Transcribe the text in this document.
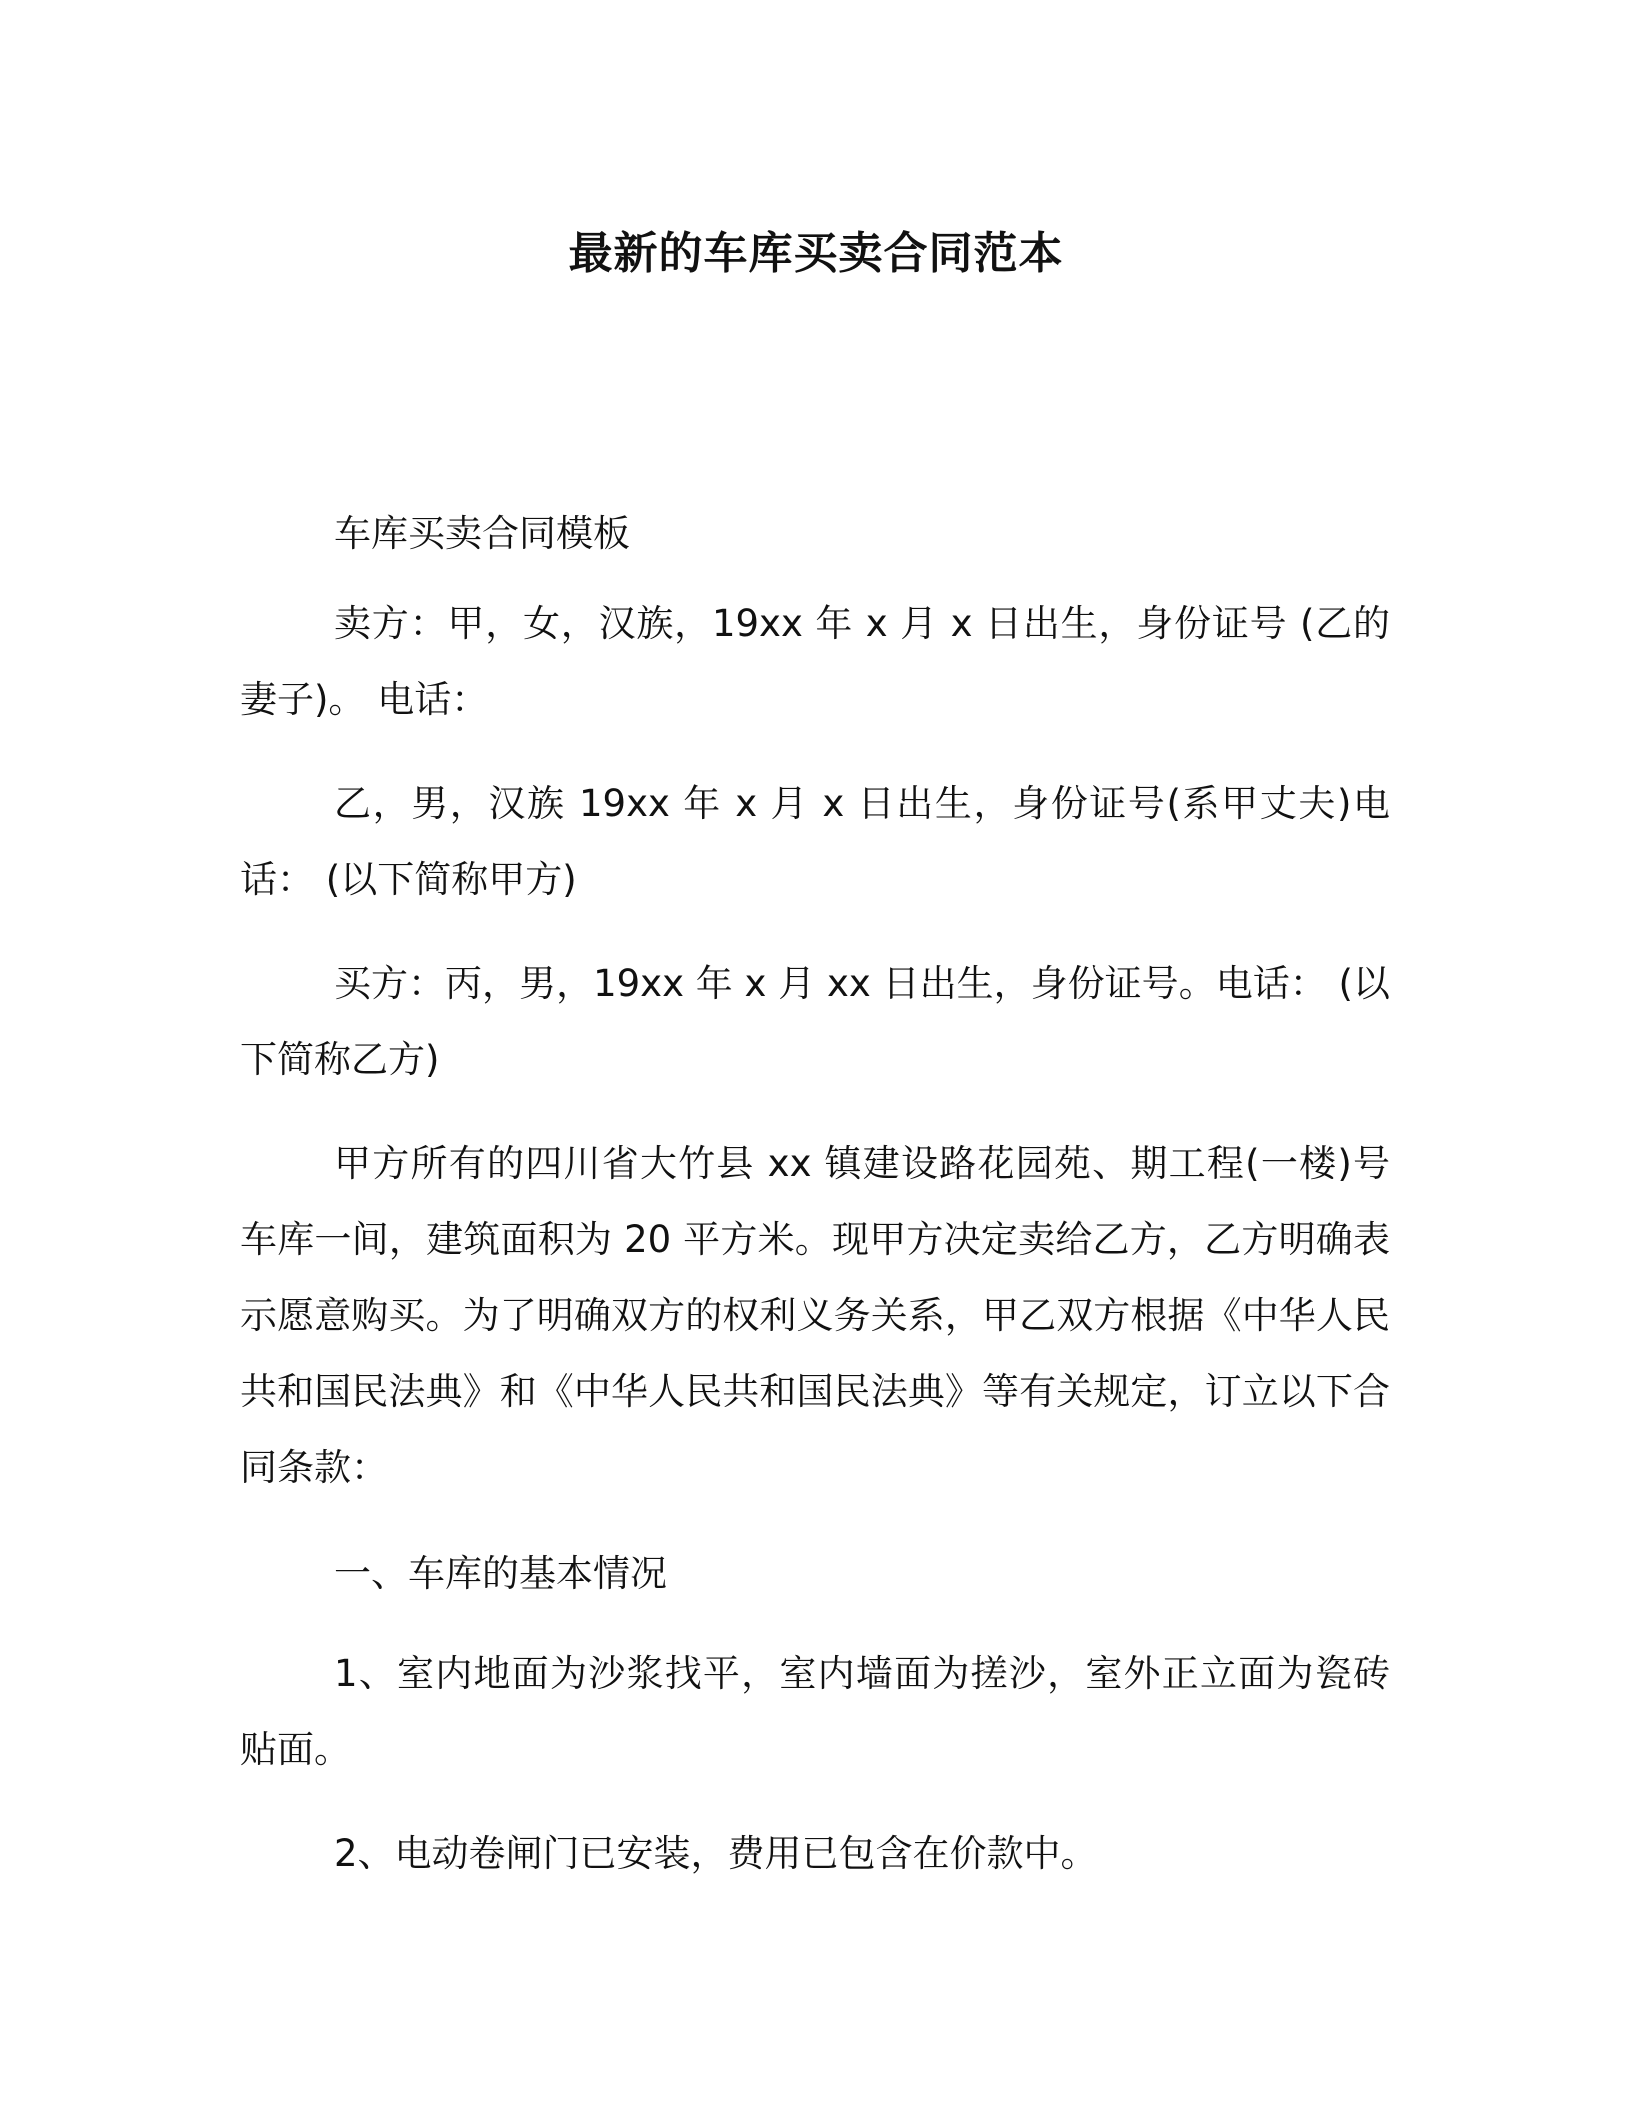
最新的车库买卖合同范本

车库买卖合同模板

卖方：甲，女，汉族，19xx 年 x 月 x 日出生，身份证号 (乙的妻子)。 电话：

乙，男，汉族 19xx 年 x 月 x 日出生，身份证号(系甲丈夫)电话： (以下简称甲方)

买方：丙，男，19xx 年 x 月 xx 日出生，身份证号。电话： (以下简称乙方)

甲方所有的四川省大竹县 xx 镇建设路花园苑、期工程(一楼)号车库一间，建筑面积为 20 平方米。现甲方决定卖给乙方，乙方明确表示愿意购买。为了明确双方的权利义务关系，甲乙双方根据《中华人民共和国民法典》和《中华人民共和国民法典》等有关规定，订立以下合同条款：

一、车库的基本情况

1、室内地面为沙浆找平，室内墙面为搓沙，室外正立面为瓷砖贴面。

2、电动卷闸门已安装，费用已包含在价款中。
